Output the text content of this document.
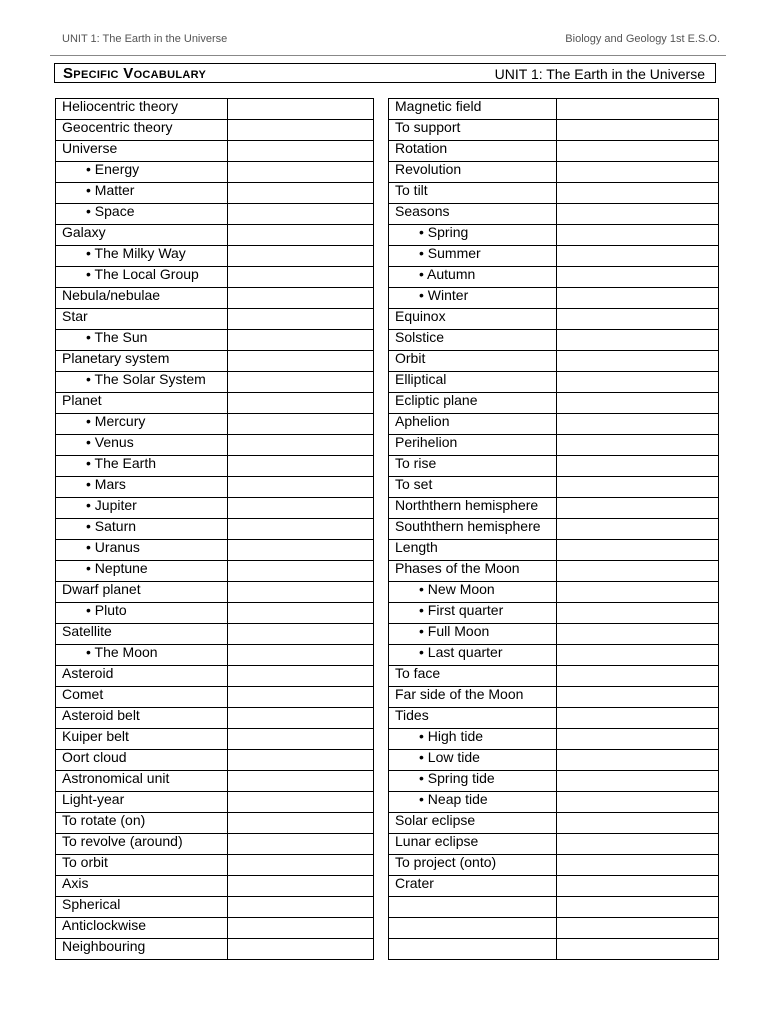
UNIT 1: The Earth in the Universe	Biology and Geology 1st E.S.O.
Specific Vocabulary	UNIT 1: The Earth in the Universe
Heliocentric theory	
Geocentric theory	
Universe	
• Energy	
• Matter	
• Space	
Galaxy	
• The Milky Way	
• The Local Group	
Nebula/nebulae	
Star	
• The Sun	
Planetary system	
• The Solar System	
Planet	
• Mercury	
• Venus	
• The Earth	
• Mars	
• Jupiter	
• Saturn	
• Uranus	
• Neptune	
Dwarf planet	
• Pluto	
Satellite	
• The Moon	
Asteroid	
Comet	
Asteroid belt	
Kuiper belt	
Oort cloud	
Astronomical unit	
Light-year	
To rotate (on)	
To revolve (around)	
To orbit	
Axis	
Spherical	
Anticlockwise	
Neighbouring	
Magnetic field	
To support	
Rotation	
Revolution	
To tilt	
Seasons	
• Spring	
• Summer	
• Autumn	
• Winter	
Equinox	
Solstice	
Orbit	
Elliptical	
Ecliptic plane	
Aphelion	
Perihelion	
To rise	
To set	
Norththern hemisphere	
Souththern hemisphere	
Length	
Phases of the Moon	
• New Moon	
• First quarter	
• Full Moon	
• Last quarter	
To face	
Far side of the Moon	
Tides	
• High tide	
• Low tide	
• Spring tide	
• Neap tide	
Solar eclipse	
Lunar eclipse	
To project (onto)	
Crater	
